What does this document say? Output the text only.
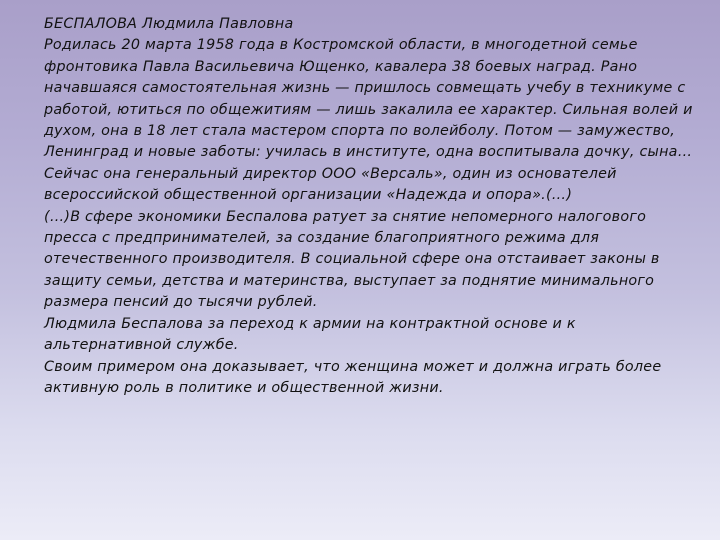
БЕСПАЛОВА Людмила Павловна

Родилась 20 марта 1958 года в Костромской области, в многодетной семье фронтовика Павла Васильевича Ющенко, кавалера 38 боевых наград. Рано начавшаяся самостоятельная жизнь — пришлось совмещать учебу в техникуме с работой, ютиться по общежитиям — лишь закалила ее характер. Сильная волей и духом, она в 18 лет стала мастером спорта по волейболу. Потом — замужество, Ленинград и новые заботы: училась в институте, одна воспитывала дочку, сына… Сейчас она генеральный директор ООО «Версаль», один из основателей всероссийской общественной организации «Надежда и опора».(…)

(…)В сфере экономики Беспалова ратует за снятие непомерного налогового пресса с предпринимателей, за создание благоприятного режима для отечественного производителя. В социальной сфере она отстаивает законы в защиту семьи, детства и материнства, выступает за поднятие минимального размера пенсий до тысячи рублей.

Людмила Беспалова за переход к армии на контрактной основе и к альтернативной службе.

Своим примером она доказывает, что женщина может и должна играть более активную роль в политике и общественной жизни.
